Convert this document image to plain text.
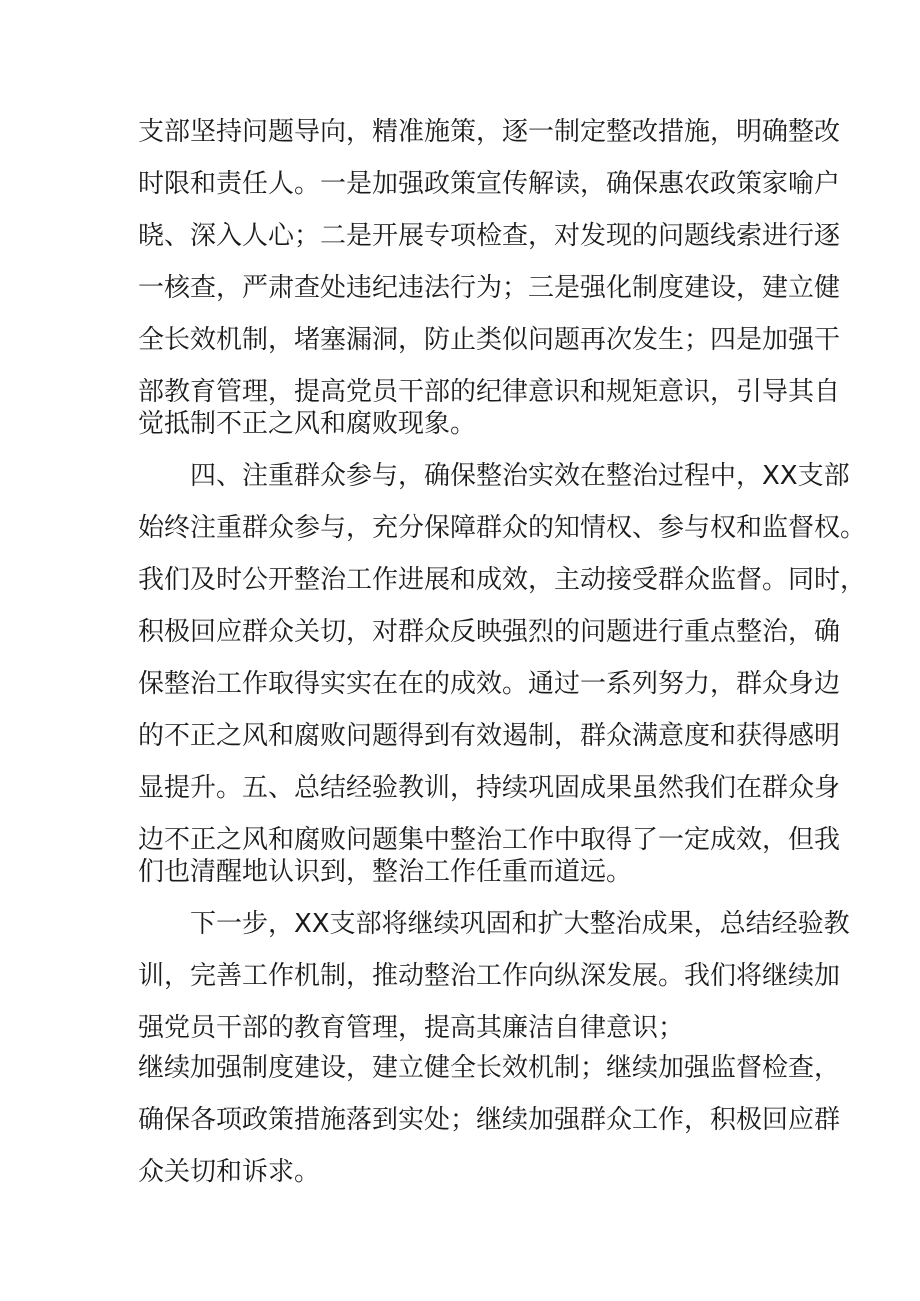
支部坚持问题导向，精准施策，逐一制定整改措施，明确整改
时限和责任人。一是加强政策宣传解读，确保惠农政策家喻户
晓、深入人心；二是开展专项检查，对发现的问题线索进行逐
一核查，严肃查处违纪违法行为；三是强化制度建设，建立健
全长效机制，堵塞漏洞，防止类似问题再次发生；四是加强干
部教育管理，提高党员干部的纪律意识和规矩意识，引导其自
觉抵制不正之风和腐败现象。
四、注重群众参与，确保整治实效在整治过程中，XX支部
始终注重群众参与，充分保障群众的知情权、参与权和监督权。
我们及时公开整治工作进展和成效，主动接受群众监督。同时，
积极回应群众关切，对群众反映强烈的问题进行重点整治，确
保整治工作取得实实在在的成效。通过一系列努力，群众身边
的不正之风和腐败问题得到有效遏制，群众满意度和获得感明
显提升。五、总结经验教训，持续巩固成果虽然我们在群众身
边不正之风和腐败问题集中整治工作中取得了一定成效，但我
们也清醒地认识到，整治工作任重而道远。
下一步，XX支部将继续巩固和扩大整治成果，总结经验教
训，完善工作机制，推动整治工作向纵深发展。我们将继续加
强党员干部的教育管理，提高其廉洁自律意识；
继续加强制度建设，建立健全长效机制；继续加强监督检查，
确保各项政策措施落到实处；继续加强群众工作，积极回应群
众关切和诉求。
